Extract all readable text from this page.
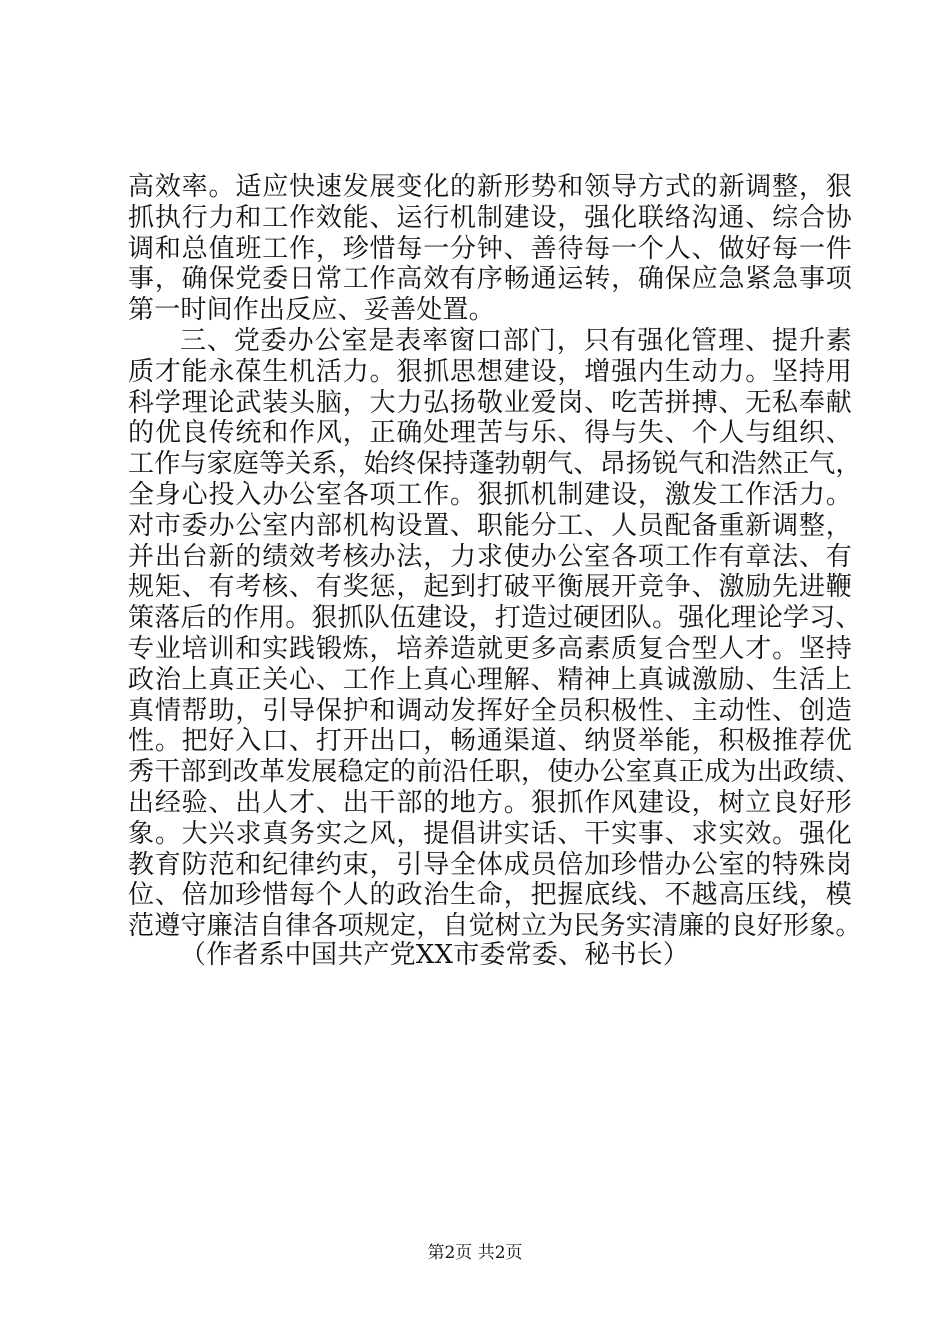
高效率。适应快速发展变化的新形势和领导方式的新调整，狠
抓执行力和工作效能、运行机制建设，强化联络沟通、综合协
调和总值班工作，珍惜每一分钟、善待每一个人、做好每一件
事，确保党委日常工作高效有序畅通运转，确保应急紧急事项
第一时间作出反应、妥善处置。
三、党委办公室是表率窗口部门，只有强化管理、提升素
质才能永葆生机活力。狠抓思想建设，增强内生动力。坚持用
科学理论武装头脑，大力弘扬敬业爱岗、吃苦拼搏、无私奉献
的优良传统和作风，正确处理苦与乐、得与失、个人与组织、
工作与家庭等关系，始终保持蓬勃朝气、昂扬锐气和浩然正气，
全身心投入办公室各项工作。狠抓机制建设，激发工作活力。
对市委办公室内部机构设置、职能分工、人员配备重新调整，
并出台新的绩效考核办法，力求使办公室各项工作有章法、有
规矩、有考核、有奖惩，起到打破平衡展开竞争、激励先进鞭
策落后的作用。狠抓队伍建设，打造过硬团队。强化理论学习、
专业培训和实践锻炼，培养造就更多高素质复合型人才。坚持
政治上真正关心、工作上真心理解、精神上真诚激励、生活上
真情帮助，引导保护和调动发挥好全员积极性、主动性、创造
性。把好入口、打开出口，畅通渠道、纳贤举能，积极推荐优
秀干部到改革发展稳定的前沿任职，使办公室真正成为出政绩、
出经验、出人才、出干部的地方。狠抓作风建设，树立良好形
象。大兴求真务实之风，提倡讲实话、干实事、求实效。强化
教育防范和纪律约束，引导全体成员倍加珍惜办公室的特殊岗
位、倍加珍惜每个人的政治生命，把握底线、不越高压线，模
范遵守廉洁自律各项规定，自觉树立为民务实清廉的良好形象。
（作者系中国共产党XX市委常委、秘书长）
第2页 共2页
